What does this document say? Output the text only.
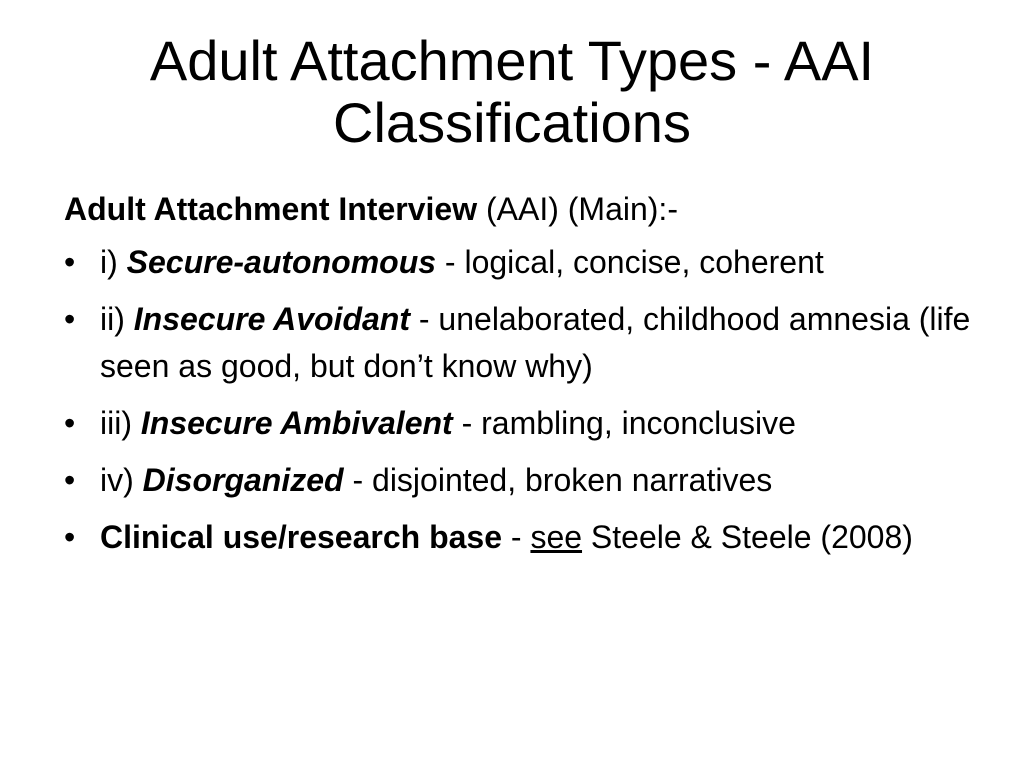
Adult Attachment Types - AAI
Classifications

Adult Attachment Interview (AAI) (Main):-

• i) Secure-autonomous - logical, concise, coherent
• ii) Insecure Avoidant - unelaborated, childhood amnesia (life seen as good, but don’t know why)
• iii) Insecure Ambivalent - rambling, inconclusive
• iv) Disorganized - disjointed, broken narratives
• Clinical use/research base - see Steele & Steele (2008)
